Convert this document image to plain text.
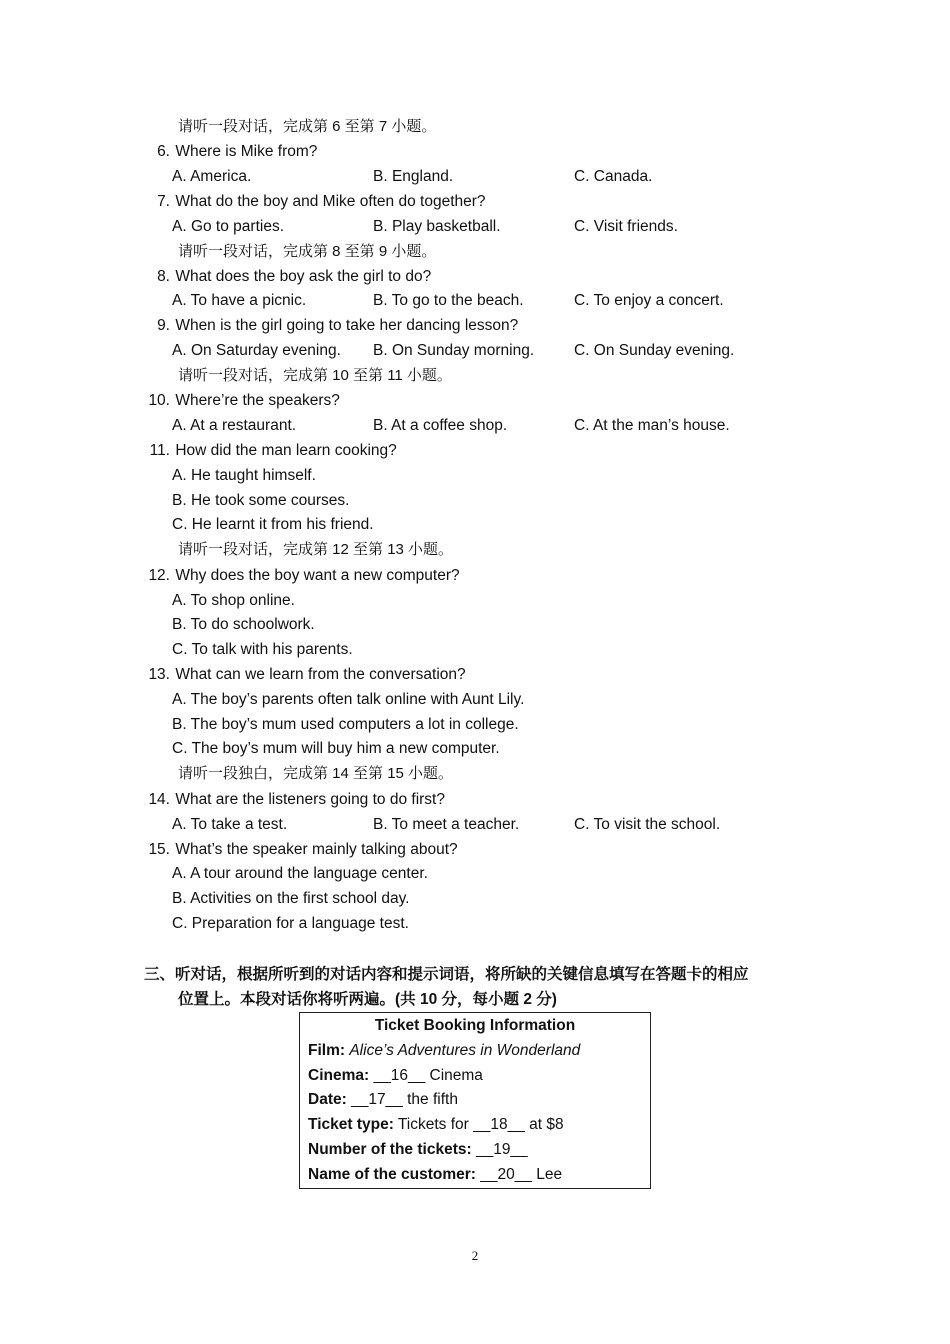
请听一段对话，完成第 6 至第 7 小题。
6. Where is Mike from?
A. America.	B. England.	C. Canada.
7. What do the boy and Mike often do together?
A. Go to parties.	B. Play basketball.	C. Visit friends.
请听一段对话，完成第 8 至第 9 小题。
8. What does the boy ask the girl to do?
A. To have a picnic.	B. To go to the beach.	C. To enjoy a concert.
9. When is the girl going to take her dancing lesson?
A. On Saturday evening. B. On Sunday morning.	C. On Sunday evening.
请听一段对话，完成第 10 至第 11 小题。
10. Where’re the speakers?
A. At a restaurant.	B. At a coffee shop.	C. At the man’s house.
11. How did the man learn cooking?
A. He taught himself.
B. He took some courses.
C. He learnt it from his friend.
请听一段对话，完成第 12 至第 13 小题。
12. Why does the boy want a new computer?
A. To shop online.
B. To do schoolwork.
C. To talk with his parents.
13. What can we learn from the conversation?
A. The boy’s parents often talk online with Aunt Lily.
B. The boy’s mum used computers a lot in college.
C. The boy’s mum will buy him a new computer.
请听一段独白，完成第 14 至第 15 小题。
14. What are the listeners going to do first?
A. To take a test.	B. To meet a teacher.	C. To visit the school.
15. What’s the speaker mainly talking about?
A. A tour around the language center.
B. Activities on the first school day.
C. Preparation for a language test.
三、听对话，根据所听到的对话内容和提示词语，将所缺的关键信息填写在答题卡的相应
位置上。本段对话你将听两遍。(共 10 分，每小题 2 分)
Ticket Booking Information
Film: Alice’s Adventures in Wonderland
Cinema: __16__ Cinema
Date: __17__ the fifth
Ticket type: Tickets for __18__ at $8
Number of the tickets: __19__
Name of the customer: __20__ Lee
2
